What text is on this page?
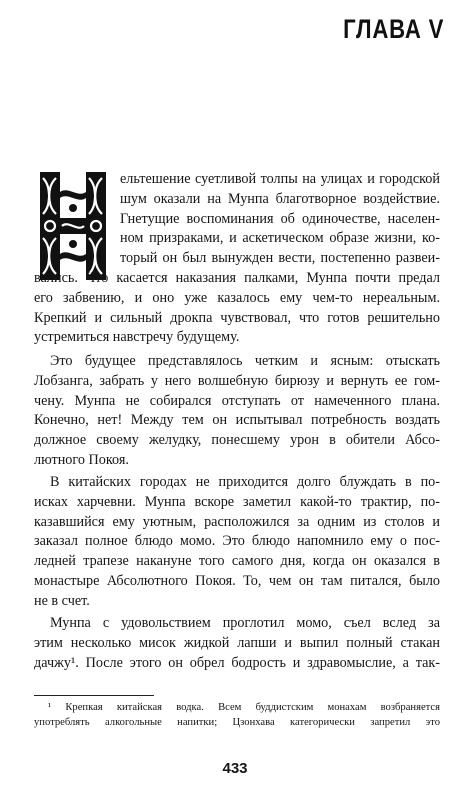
ГЛАВА V
ельтешение суетливой толпы на улицах и городской
шум оказали на Мунпа благотворное воздействие.
Гнетущие воспоминания об одиночестве, населен-
ном призраками, и аскетическом образе жизни, ко-
торый он был вынужден вести, постепенно развеи-
вались. Что касается наказания палками, Мунпа почти предал
его забвению, и оно уже казалось ему чем-то нереальным.
Крепкий и сильный дрокпа чувствовал, что готов решительно
устремиться навстречу будущему.
Это будущее представлялось четким и ясным: отыскать
Лобзанга, забрать у него волшебную бирюзу и вернуть ее гом-
чену. Мунпа не собирался отступать от намеченного плана.
Конечно, нет! Между тем он испытывал потребность воздать
должное своему желудку, понесшему урон в обители Абсо-
лютного Покоя.
В китайских городах не приходится долго блуждать в по-
исках харчевни. Мунпа вскоре заметил какой-то трактир, по-
казавшийся ему уютным, расположился за одним из столов и
заказал полное блюдо момо. Это блюдо напомнило ему о пос-
ледней трапезе накануне того самого дня, когда он оказался в
монастыре Абсолютного Покоя. То, чем он там питался, было
не в счет.
Мунпа с удовольствием проглотил момо, съел вслед за
этим несколько мисок жидкой лапши и выпил полный стакан
дачжу¹. После этого он обрел бодрость и здравомыслие, а так-
¹ Крепкая китайская водка. Всем буддистским монахам возбраняется
употреблять алкогольные напитки; Цзонхава категорически запретил это
433
